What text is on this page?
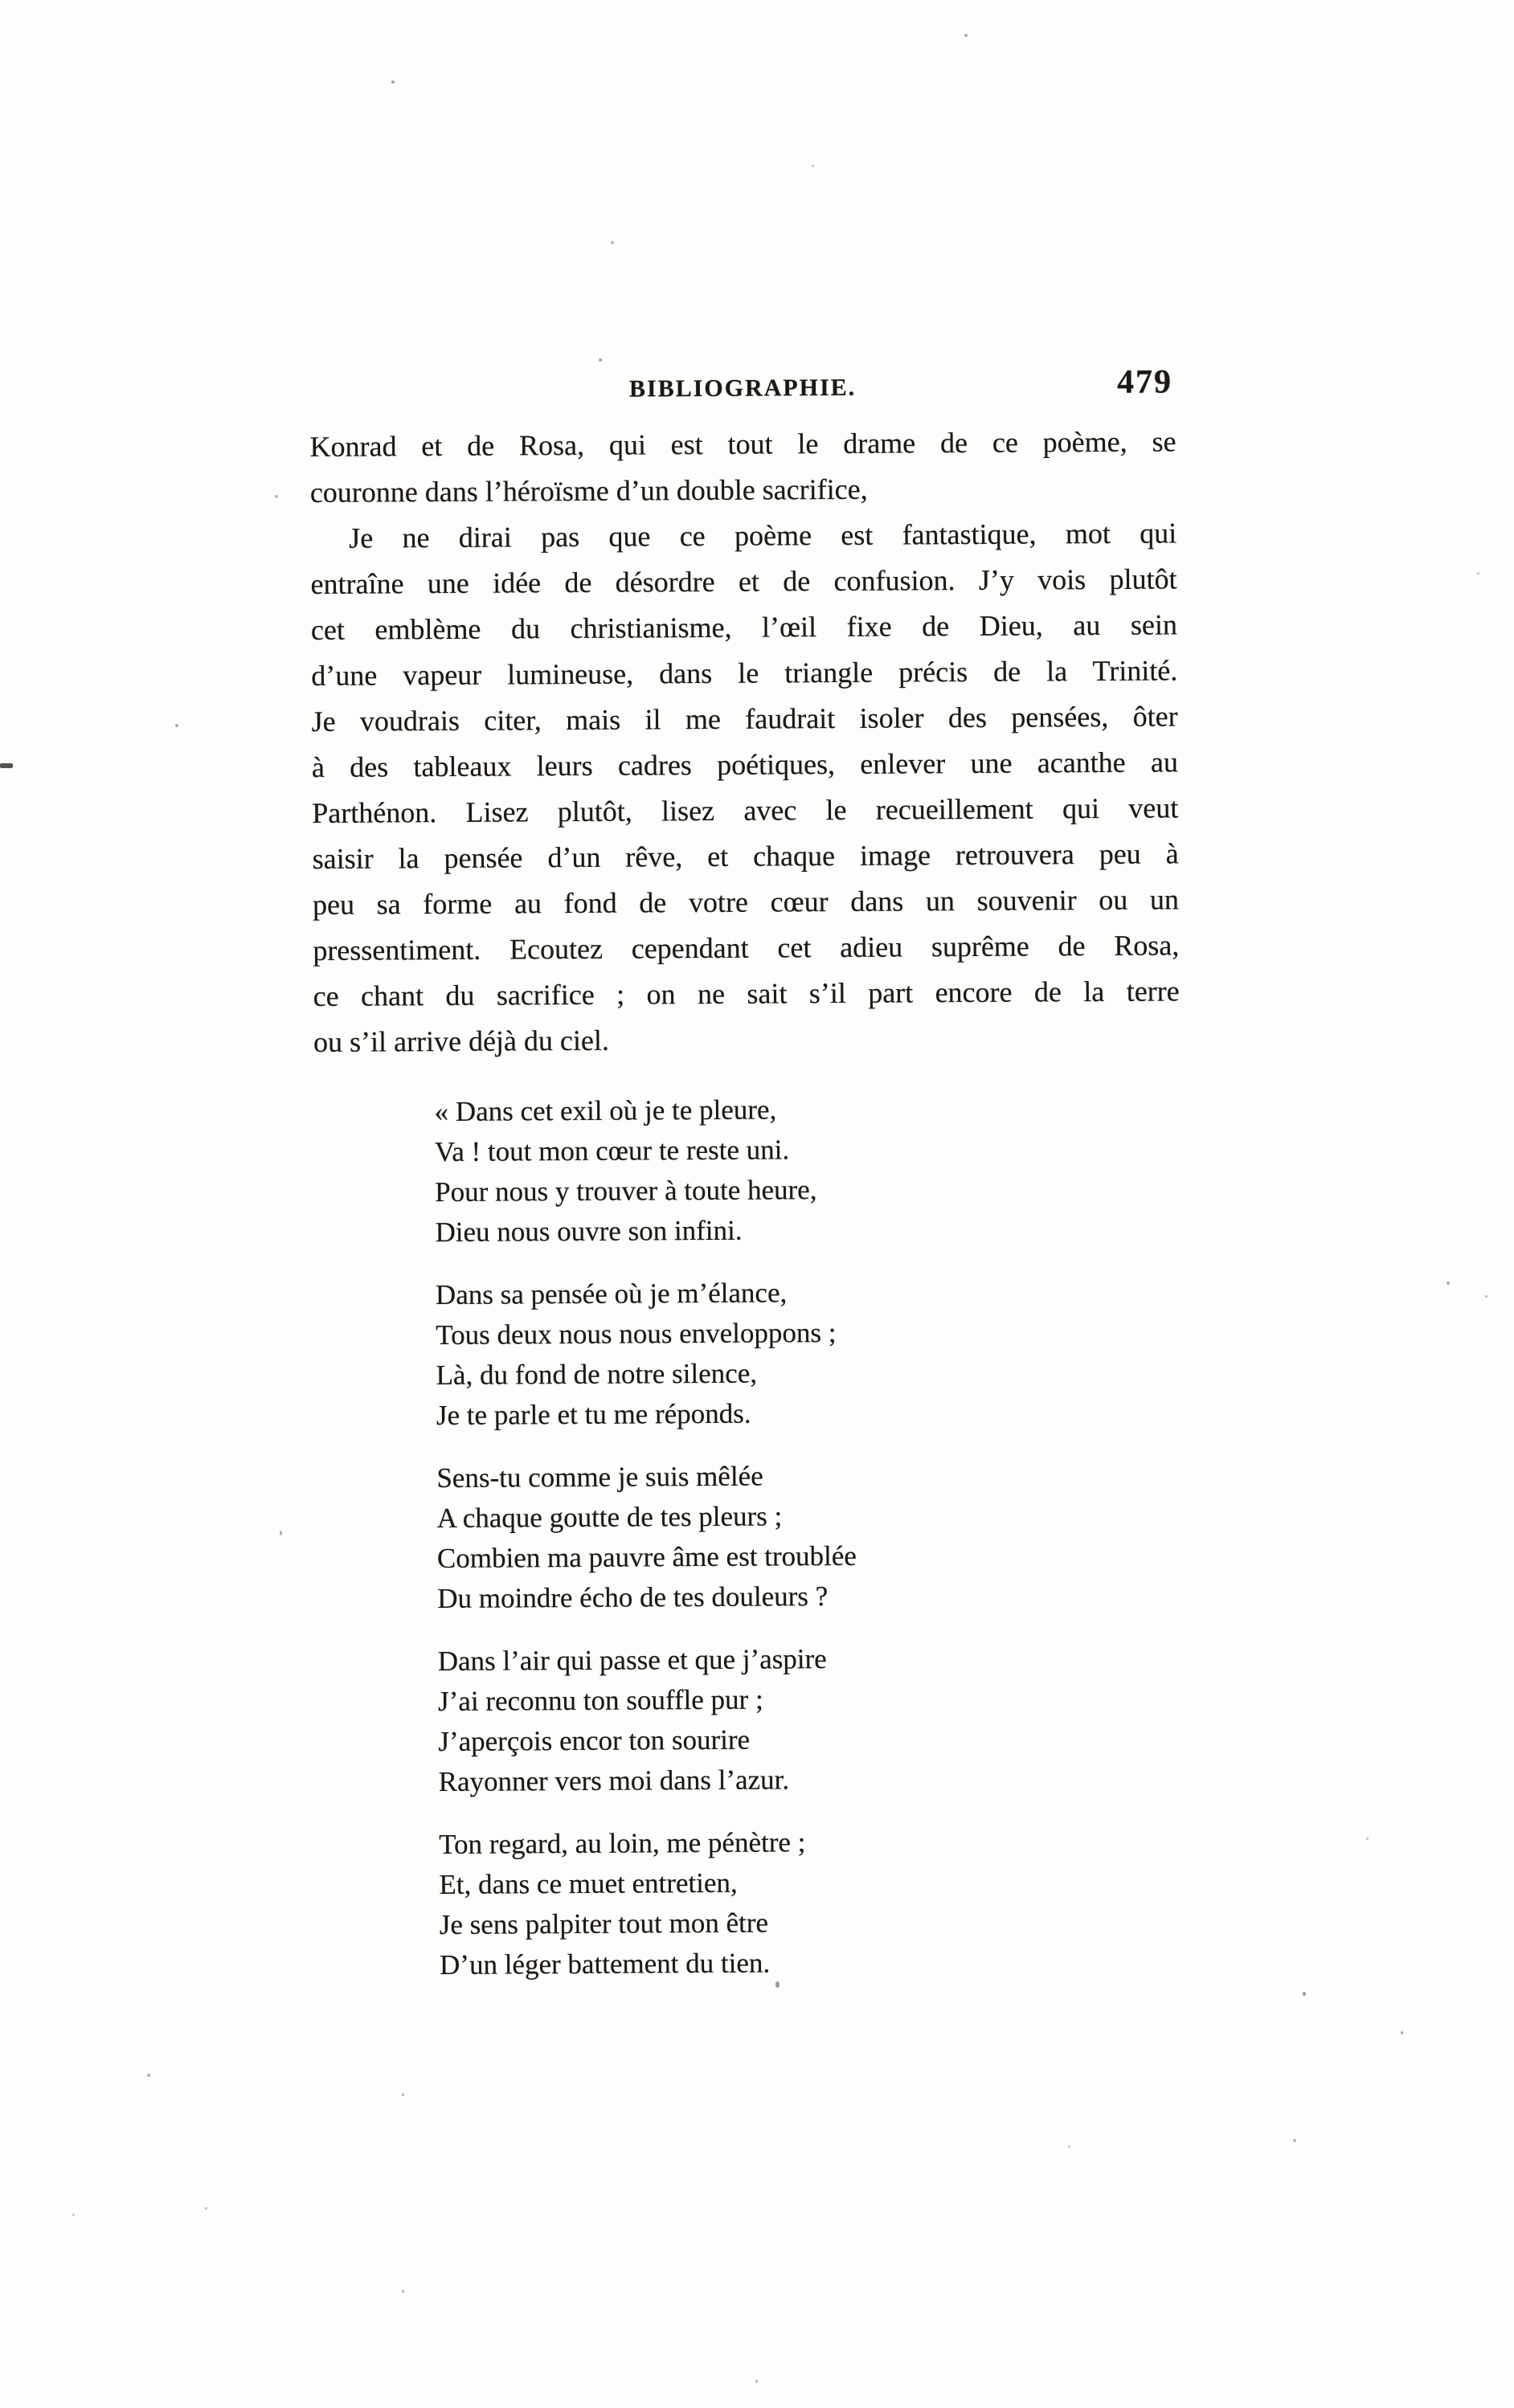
BIBLIOGRAPHIE.	479
Konrad et de Rosa, qui est tout le drame de ce poème, se
couronne dans l’héroïsme d’un double sacrifice,
Je ne dirai pas que ce poème est fantastique, mot qui
entraîne une idée de désordre et de confusion. J’y vois plutôt
cet emblème du christianisme, l’œil fixe de Dieu, au sein
d’une vapeur lumineuse, dans le triangle précis de la Trinité.
Je voudrais citer, mais il me faudrait isoler des pensées, ôter
à des tableaux leurs cadres poétiques, enlever une acanthe au
Parthénon. Lisez plutôt, lisez avec le recueillement qui veut
saisir la pensée d’un rêve, et chaque image retrouvera peu à
peu sa forme au fond de votre cœur dans un souvenir ou un
pressentiment. Ecoutez cependant cet adieu suprême de Rosa,
ce chant du sacrifice ; on ne sait s’il part encore de la terre
ou s’il arrive déjà du ciel.
« Dans cet exil où je te pleure,
Va ! tout mon cœur te reste uni.
Pour nous y trouver à toute heure,
Dieu nous ouvre son infini.
Dans sa pensée où je m’élance,
Tous deux nous nous enveloppons ;
Là, du fond de notre silence,
Je te parle et tu me réponds.
Sens-tu comme je suis mêlée
A chaque goutte de tes pleurs ;
Combien ma pauvre âme est troublée
Du moindre écho de tes douleurs ?
Dans l’air qui passe et que j’aspire
J’ai reconnu ton souffle pur ;
J’aperçois encor ton sourire
Rayonner vers moi dans l’azur.
Ton regard, au loin, me pénètre ;
Et, dans ce muet entretien,
Je sens palpiter tout mon être
D’un léger battement du tien.
